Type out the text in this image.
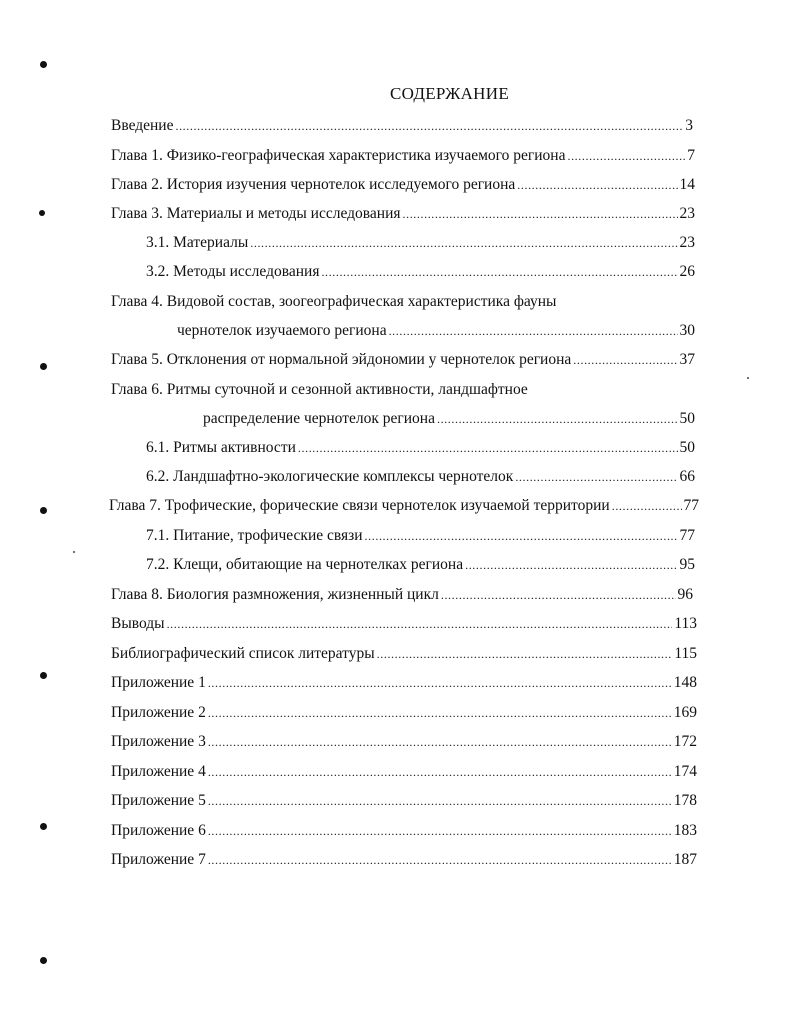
СОДЕРЖАНИЕ
Введение .....	3
Глава 1. Физико-географическая характеристика изучаемого региона .....	7
Глава 2. История изучения чернотелок исследуемого региона .....	14
Глава 3. Материалы и методы исследования .....	23
3.1. Материалы .....	23
3.2. Методы исследования .....	26
Глава 4. Видовой состав, зоогеографическая характеристика фауны
чернотелок изучаемого региона .....	30
Глава 5. Отклонения от нормальной эйдономии у чернотелок региона .....	37
Глава 6. Ритмы суточной и сезонной активности, ландшафтное
распределение чернотелок региона .....	50
6.1. Ритмы активности .....	50
6.2. Ландшафтно-экологические комплексы чернотелок .....	66
Глава 7. Трофические, форические связи чернотелок изучаемой территории .....	77
7.1. Питание, трофические связи .....	77
7.2. Клещи, обитающие на чернотелках региона .....	95
Глава 8. Биология размножения, жизненный цикл .....	96
Выводы .....	113
Библиографический список литературы .....	115
Приложение 1 .....	148
Приложение 2 .....	169
Приложение 3 .....	172
Приложение 4 .....	174
Приложение 5 .....	178
Приложение 6 .....	183
Приложение 7 .....	187
